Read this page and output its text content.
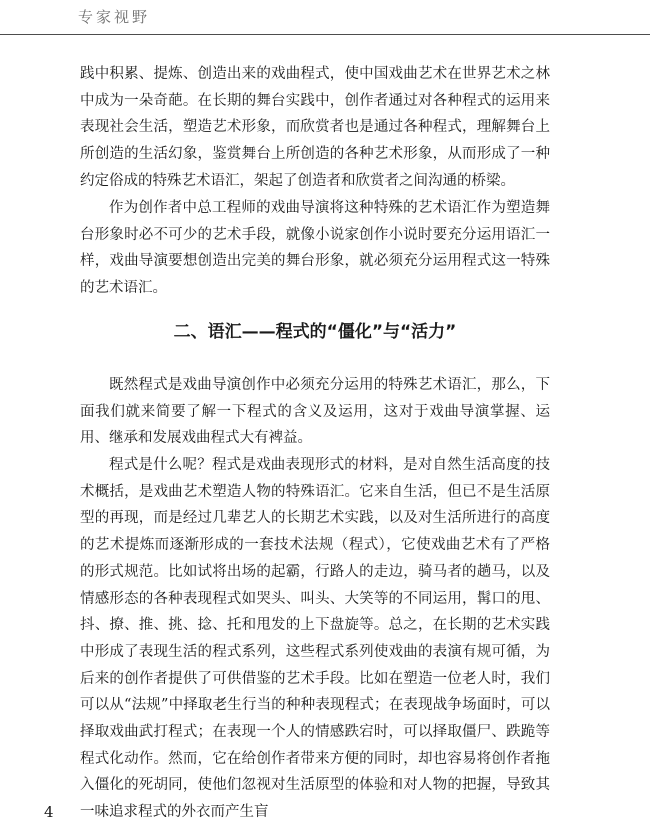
专家视野

践中积累、提炼、创造出来的戏曲程式，使中国戏曲艺术在世界艺术之林中成为一朵奇葩。在长期的舞台实践中，创作者通过对各种程式的运用来表现社会生活，塑造艺术形象，而欣赏者也是通过各种程式，理解舞台上所创造的生活幻象，鉴赏舞台上所创造的各种艺术形象，从而形成了一种约定俗成的特殊艺术语汇，架起了创造者和欣赏者之间沟通的桥梁。

作为创作者中总工程师的戏曲导演将这种特殊的艺术语汇作为塑造舞台形象时必不可少的艺术手段，就像小说家创作小说时要充分运用语汇一样，戏曲导演要想创造出完美的舞台形象，就必须充分运用程式这一特殊的艺术语汇。

二、语汇——程式的“僵化”与“活力”

既然程式是戏曲导演创作中必须充分运用的特殊艺术语汇，那么，下面我们就来简要了解一下程式的含义及运用，这对于戏曲导演掌握、运用、继承和发展戏曲程式大有裨益。

程式是什么呢？程式是戏曲表现形式的材料，是对自然生活高度的技术概括，是戏曲艺术塑造人物的特殊语汇。它来自生活，但已不是生活原型的再现，而是经过几辈艺人的长期艺术实践，以及对生活所进行的高度的艺术提炼而逐渐形成的一套技术法规（程式），它使戏曲艺术有了严格的形式规范。比如试将出场的起霸，行路人的走边，骑马者的趟马，以及情感形态的各种表现程式如哭头、叫头、大笑等的不同运用，髯口的甩、抖、撩、推、挑、捻、托和甩发的上下盘旋等。总之，在长期的艺术实践中形成了表现生活的程式系列，这些程式系列使戏曲的表演有规可循，为后来的创作者提供了可供借鉴的艺术手段。比如在塑造一位老人时，我们可以从“法规”中择取老生行当的种种表现程式；在表现战争场面时，可以择取戏曲武打程式；在表现一个人的情感跌宕时，可以择取僵尸、跌跪等程式化动作。然而，它在给创作者带来方便的同时，却也容易将创作者拖入僵化的死胡同，使他们忽视对生活原型的体验和对人物的把握，导致其一味追求程式的外衣而产生盲

4
